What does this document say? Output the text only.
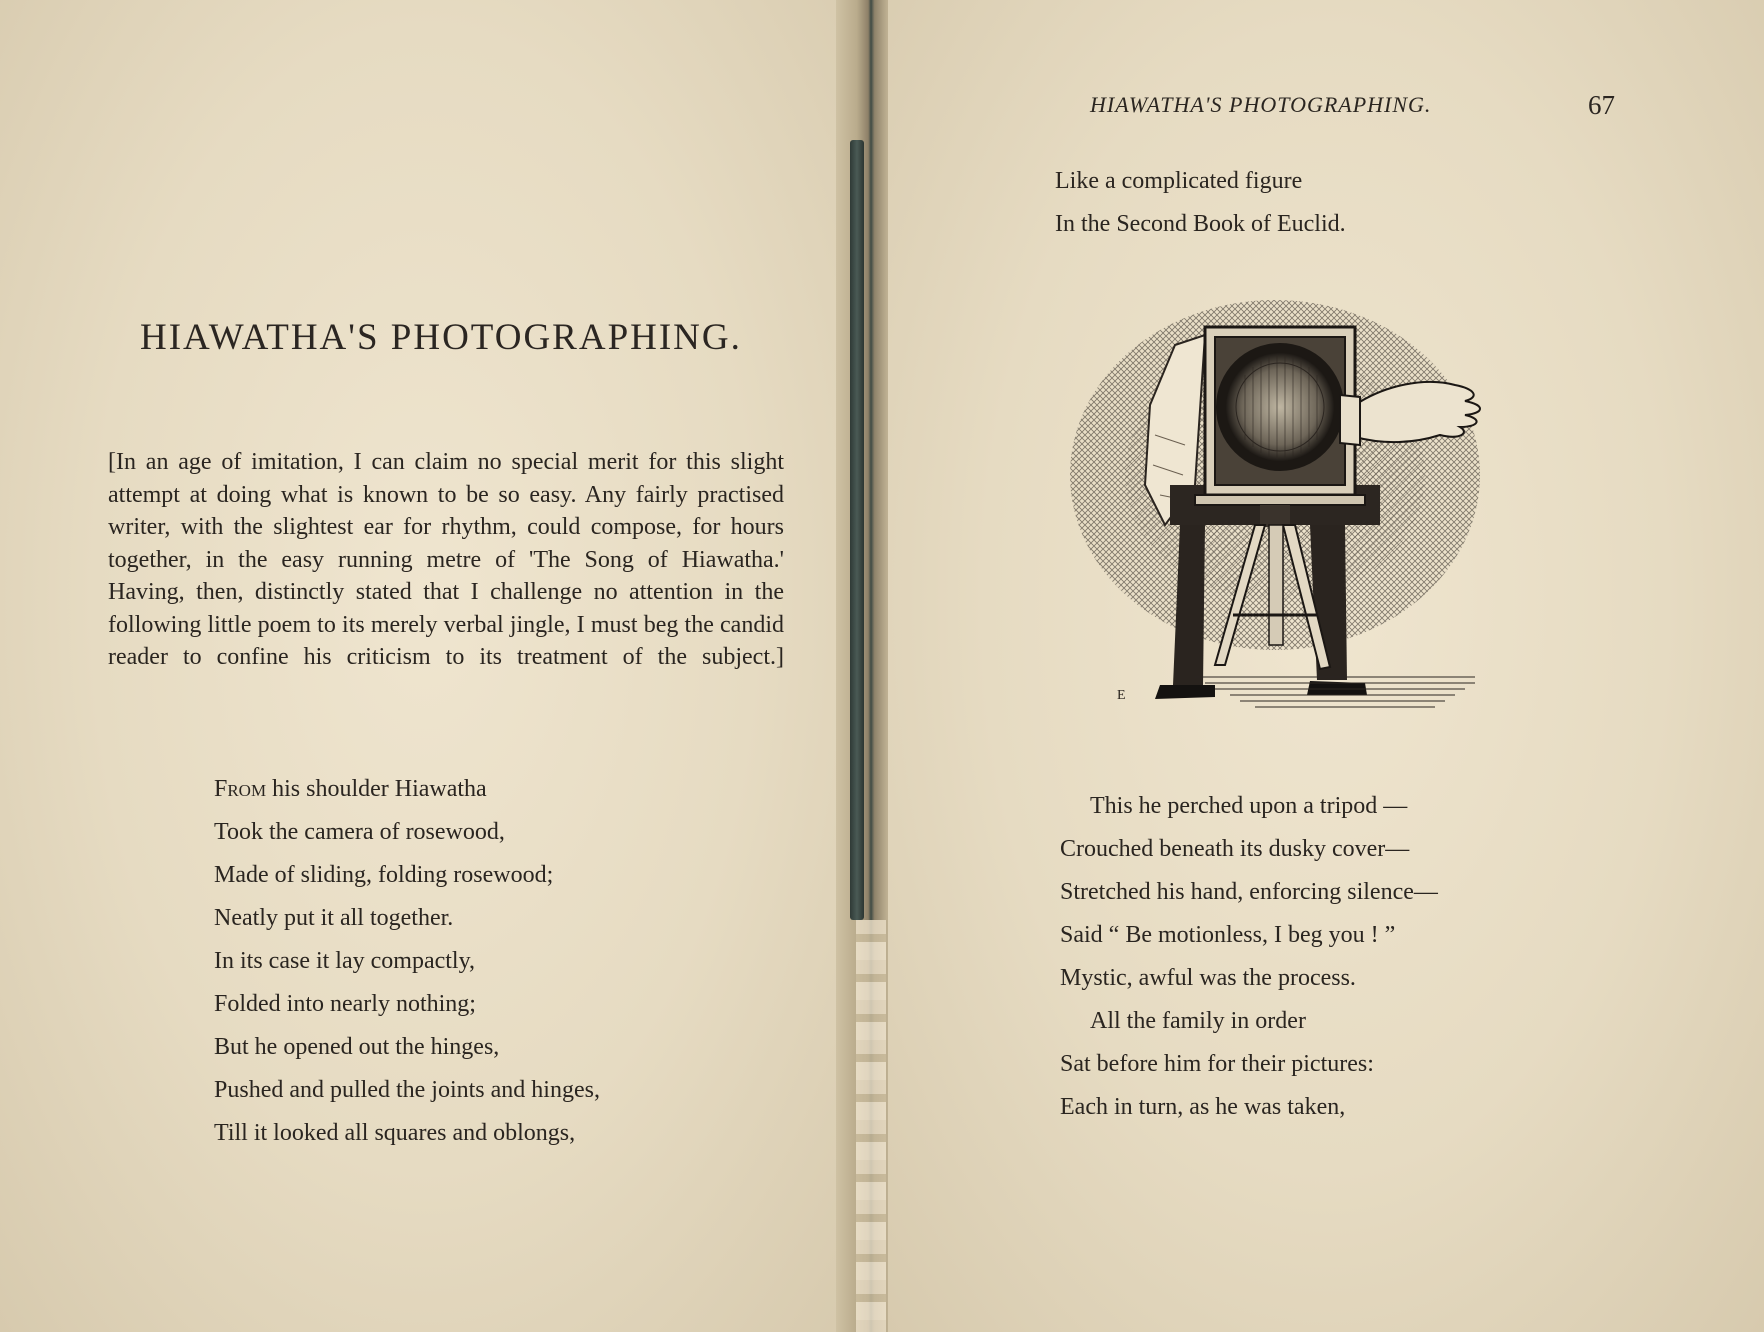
HIAWATHA'S PHOTOGRAPHING.

[In an age of imitation, I can claim no special merit for this slight attempt at doing what is known to be so easy. Any fairly practised writer, with the slightest ear for rhythm, could compose, for hours together, in the easy running metre of 'The Song of Hiawatha.' Having, then, distinctly stated that I challenge no attention in the following little poem to its merely verbal jingle, I must beg the candid reader to confine his criticism to its treatment of the subject.]

From his shoulder Hiawatha
Took the camera of rosewood,
Made of sliding, folding rosewood;
Neatly put it all together.
In its case it lay compactly,
Folded into nearly nothing;
But he opened out the hinges,
Pushed and pulled the joints and hinges,
Till it looked all squares and oblongs,
HIAWATHA'S PHOTOGRAPHING.	67
Like a complicated figure
In the Second Book of Euclid.
E
This he perched upon a tripod —
Crouched beneath its dusky cover—
Stretched his hand, enforcing silence—
Said “ Be motionless, I beg you ! ”
Mystic, awful was the process.
All the family in order
Sat before him for their pictures:
Each in turn, as he was taken,
